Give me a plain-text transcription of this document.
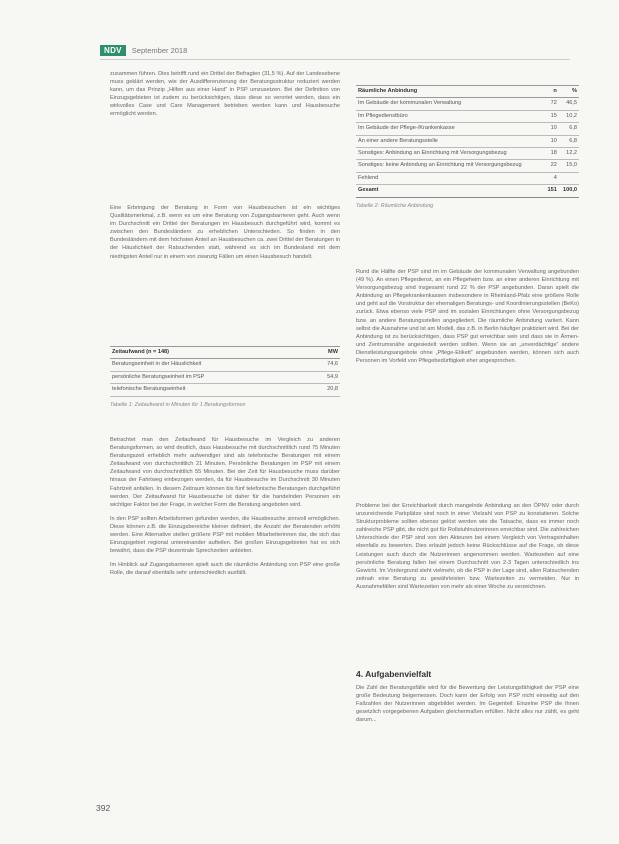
NDV	September 2018

zusammen führen. Dies betrifft rund ein Drittel der Befragten (31,5 %). Auf der Landesebene muss geklärt werden, wie der Ausdifferenzierung der Beratungsstruktur reduziert werden kann, um das Prinzip „Hilfen aus einer Hand“ in PSP umzusetzen. Bei der Definition von Einzugsgebieten ist zudem zu berücksichtigen, dass diese so verortet werden, dass ein wirkvolles Case und Care Management betrieben werden kann und Hausbesuche ermöglicht werden.

Eine Erbringung der Beratung in Form von Hausbesuchen ist ein wichtiges Qualitätsmerkmal, z.B. wenn es um eine Beratung von Zugangsbarrieren geht. Auch wenn im Durchschnitt ein Drittel der Beratungen im Hausbesuch durchgeführt wird, kommt es zwischen den Bundesländern zu erheblichen Unterschieden. So finden in den Bundesländern mit dem höchsten Anteil an Hausbesuchen ca. zwei Drittel der Beratungen in der Häuslichkeit der Ratsuchenden statt, während es sich im Bundesland mit dem niedrigsten Anteil nur in einem von zwanzig Fällen um einen Hausbesuch handelt.

Zeitaufwand (n = 148)	MW
Beratungseinheit in der Häuslichkeit	74,6
persönliche Beratungseinheit im PSP	54,9
telefonische Beratungseinheit	20,8
Tabelle 1: Zeitaufwand in Minuten für 1 Beratungsformen

Betrachtet man den Zeitaufwand für Hausbesuche im Vergleich zu anderen Beratungsformen, so wird deutlich, dass Hausbesuche mit durchschnittlich rund 75 Minuten Beratungszeit erheblich mehr aufwendiger sind als telefonische Beratungen mit einem Zeitaufwand von durchschnittlich 21 Minuten. Persönliche Beratungen im PSP mit einem Zeitaufwand von durchschnittlich 55 Minuten. Bei der Zeit für Hausbesuche muss darüber hinaus der Fahrtweg einbezogen werden, da für Hausbesuche im Durchschnitt 30 Minuten Fahrtzeit anfallen. In diesem Zeitraum können bis fünf telefonische Beratungen durchgeführt werden. Der Zeitaufwand für Hausbesuche ist daher für die handelnden Personen ein wichtiger Faktor bei der Frage, in welcher Form die Beratung angeboten wird.

In den PSP sollten Arbeitsformen gefunden werden, die Hausbesuche sinnvoll ermöglichen. Diese können z.B. die Einzugsbereiche kleiner definiert, die Anzahl der Beratenden erhöht werden. Eine Alternative stellen größere PSP mit mobilen Mitarbeiterinnen dar, die sich das Einzugsgebiet regional untereinander aufteilen. Bei großen Einzugsgebieten hat es sich bewährt, dass die PSP dezentrale Sprechzeiten anbieten.

Im Hinblick auf Zugangsbarrieren spielt auch die räumliche Anbindung von PSP eine große Rolle, die darauf ebenfalls sehr unterschiedlich ausfällt.

Räumliche Anbindung	n	%
Im Gebäude der kommunalen Verwaltung	72	46,5
Im Pflegedienstbüro	15	10,2
Im Gebäude der Pflege-/Krankenkasse	10	6,8
An einer andere Beratungsstelle	10	6,8
Sonstiges: Anbindung an Einrichtung mit Versorgungsbezug	18	12,2
Sonstiges: keine Anbindung an Einrichtung mit Versorgungsbezug	22	15,0
Fehlend	4	
Gesamt	151	100,0
Tabelle 2: Räumliche Anbindung

Rund die Hälfte der PSP sind im im Gebäude der kommunalen Verwaltung angebunden (49 %). An einen Pflegedienst, an ein Pflegeheim bzw. an einer anderen Einrichtung mit Versorgungsbezug sind insgesamt rund 22 % der PSP angebunden. Daran spielt die Anbindung an Pflegekrankenkassen insbesondere in Rheinland-Pfalz eine größere Rolle und geht auf die Vorstruktur der ehemaligen Beratungs- und Koordinierungsstellen (BeKo) zurück. Etwa ebenso viele PSP sind im sozialen Einrichtungen ohne Versorgungsbezug bzw. an andere Beratungsstellen angegliedert. Die räumliche Anbindung variiert. Kann selbst die Ausnahme und ist am Modell, das z.B. in Berlin häufiger praktiziert wird. Bei der Anbindung ist zu berücksichtigen, dass PSP gut erreichbar sein und dass sie in Ärmen- und Zentrumsnähe angesiedelt werden sollten. Wenn sie an „unverdächtige“ andere Dienstleistungsangebote ohne „Pflege-Etikett“ angebunden werden, können sich auch Personen im Vorfeld von Pflegebedürftigkeit eher angesprochen.

Probleme bei der Erreichbarkeit durch mangelnde Anbindung an den ÖPNV oder durch unzureichende Parkplätze sind noch in einer Vielzahl von PSP zu konstatieren. Solche Strukturprobleme sollten ebenso gelöst werden wie die Tatsache, dass es immer noch zahlreiche PSP gibt, die nicht gut für Rollstuhlnutzerinnen erreichbar sind. Die zahlreichen Unterschiede der PSP sind von den Akteuren bei einem Vergleich von Vertragsinhalten ebenfalls zu bewerten. Dies erlaubt jedoch keine Rückschlüsse auf die Frage, ob diese Leistungen auch durch die Nutzerinnen angenommen werden. Wartezeiten auf eine persönliche Beratung fallen bei einem Durchschnitt von 2-3 Tagen unterschiedlich ins Gewicht. Im Vordergrund steht vielmehr, ob die PSP in der Lage sind, allen Ratsuchenden zeitnah eine Beratung zu gewährleisten bzw. Wartezeiten zu vermeiden. Nur in Ausnahmefällen sind Wartezeiten von mehr als einer Woche zu verzeichnen.

4. Aufgabenvielfalt

Die Zahl der Beratungsfälle wird für die Bewertung der Leistungsfähigkeit der PSP eine große Bedeutung beigemessen. Doch kann der Erfolg von PSP nicht einseitig auf den Fallzahlen der Nutzerinnen abgebildet werden. Im Gegenteil: Einzelne PSP die Ihnen gesetzlich vorgegebenen Aufgaben gleichermaßen erfüllen. Nicht alles nur zählt, es geht darum...

392
